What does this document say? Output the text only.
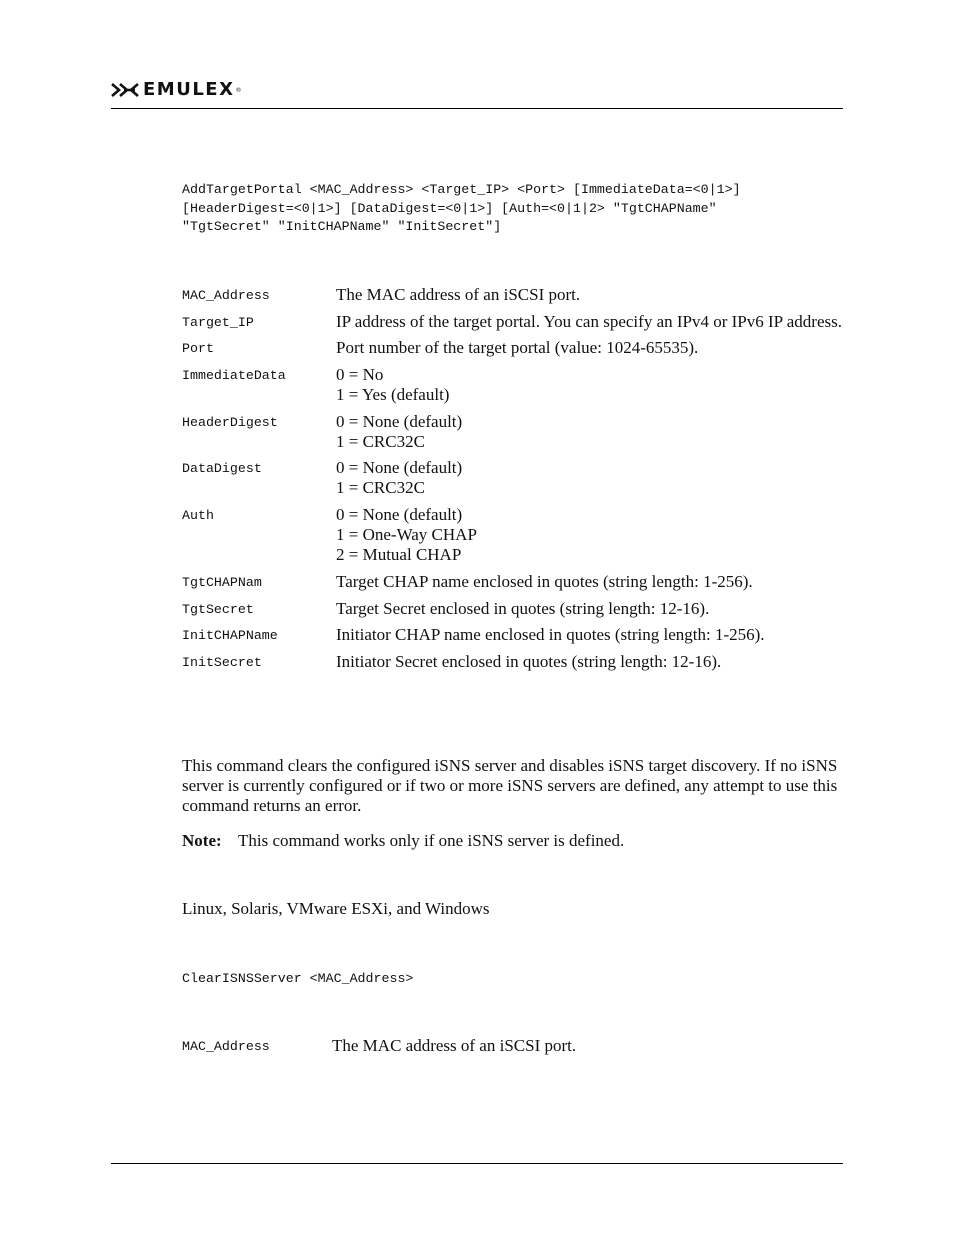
EMULEX ®
AddTargetPortal <MAC_Address> <Target_IP> <Port> [ImmediateData=<0|1>]
[HeaderDigest=<0|1>] [DataDigest=<0|1>] [Auth=<0|1|2> "TgtCHAPName"
"TgtSecret" "InitCHAPName" "InitSecret"]
MAC_Address	The MAC address of an iSCSI port.

Target_IP	IP address of the target portal. You can specify an IPv4 or IPv6 IP address.

Port	Port number of the target portal (value: 1024-65535).

ImmediateData	0 = No
1 = Yes (default)

HeaderDigest	0 = None (default)
1 = CRC32C

DataDigest	0 = None (default)
1 = CRC32C

Auth	0 = None (default)
1 = One-Way CHAP
2 = Mutual CHAP

TgtCHAPNam	Target CHAP name enclosed in quotes (string length: 1-256).

TgtSecret	Target Secret enclosed in quotes (string length: 12-16).

InitCHAPName	Initiator CHAP name enclosed in quotes (string length: 1-256).

InitSecret	Initiator Secret enclosed in quotes (string length: 12-16).

This command clears the configured iSNS server and disables iSNS target discovery. If no iSNS server is currently configured or if two or more iSNS servers are defined, any attempt to use this command returns an error.

Note: This command works only if one iSNS server is defined.

Linux, Solaris, VMware ESXi, and Windows

ClearISNSServer <MAC_Address>
MAC_Address	The MAC address of an iSCSI port.
